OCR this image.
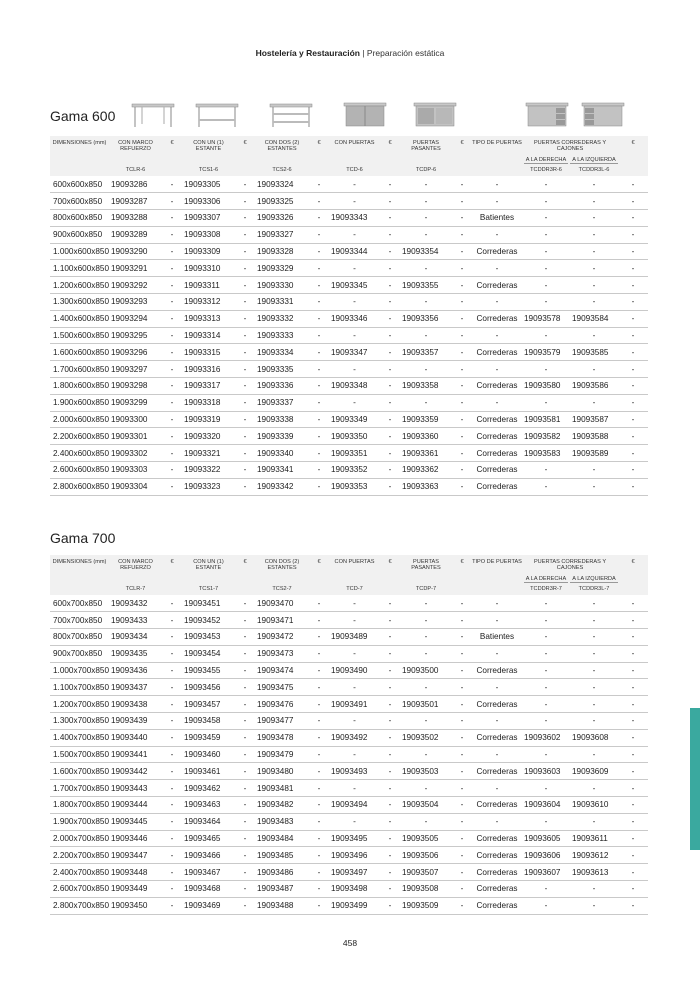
Hostelería y Restauración | Preparación estática
Gama 600
DIMENSIONES (mm)	CON MARCO REFUERZO	€	CON UN (1) ESTANTE	€	CON DOS (2) ESTANTES	€	CON PUERTAS	€	PUERTAS PASANTES	€	TIPO DE PUERTAS	PUERTAS CORREDERAS Y CAJONES		€
												A LA DERECHA	A LA IZQUIERDA	
	TCLR-6		TCS1-6		TCS2-6		TCD-6		TCDP-6			TCDDR3R-6	TCDDR3L-6	
600x600x850	19093286	-	19093305	-	19093324	-	-	-	-	-	-	-	-	-
700x600x850	19093287	-	19093306	-	19093325	-	-	-	-	-	-	-	-	-
800x600x850	19093288	-	19093307	-	19093326	-	19093343	-	-	-	Batientes	-	-	-
900x600x850	19093289	-	19093308	-	19093327	-	-	-	-	-	-	-	-	-
1.000x600x850	19093290	-	19093309	-	19093328	-	19093344	-	19093354	-	Correderas	-	-	-
1.100x600x850	19093291	-	19093310	-	19093329	-	-	-	-	-	-	-	-	-
1.200x600x850	19093292	-	19093311	-	19093330	-	19093345	-	19093355	-	Correderas	-	-	-
1.300x600x850	19093293	-	19093312	-	19093331	-	-	-	-	-	-	-	-	-
1.400x600x850	19093294	-	19093313	-	19093332	-	19093346	-	19093356	-	Correderas	19093578	19093584	-
1.500x600x850	19093295	-	19093314	-	19093333	-	-	-	-	-	-	-	-	-
1.600x600x850	19093296	-	19093315	-	19093334	-	19093347	-	19093357	-	Correderas	19093579	19093585	-
1.700x600x850	19093297	-	19093316	-	19093335	-	-	-	-	-	-	-	-	-
1.800x600x850	19093298	-	19093317	-	19093336	-	19093348	-	19093358	-	Correderas	19093580	19093586	-
1.900x600x850	19093299	-	19093318	-	19093337	-	-	-	-	-	-	-	-	-
2.000x600x850	19093300	-	19093319	-	19093338	-	19093349	-	19093359	-	Correderas	19093581	19093587	-
2.200x600x850	19093301	-	19093320	-	19093339	-	19093350	-	19093360	-	Correderas	19093582	19093588	-
2.400x600x850	19093302	-	19093321	-	19093340	-	19093351	-	19093361	-	Correderas	19093583	19093589	-
2.600x600x850	19093303	-	19093322	-	19093341	-	19093352	-	19093362	-	Correderas	-	-	-
2.800x600x850	19093304	-	19093323	-	19093342	-	19093353	-	19093363	-	Correderas	-	-	-
Gama 700
DIMENSIONES (mm)	CON MARCO REFUERZO	€	CON UN (1) ESTANTE	€	CON DOS (2) ESTANTES	€	CON PUERTAS	€	PUERTAS PASANTES	€	TIPO DE PUERTAS	PUERTAS CORREDERAS Y CAJONES		€
												A LA DERECHA	A LA IZQUIERDA	
	TCLR-7		TCS1-7		TCS2-7		TCD-7		TCDP-7			TCDDR3R-7	TCDDR3L-7	
600x700x850	19093432	-	19093451	-	19093470	-	-	-	-	-	-	-	-	-
700x700x850	19093433	-	19093452	-	19093471	-	-	-	-	-	-	-	-	-
800x700x850	19093434	-	19093453	-	19093472	-	19093489	-	-	-	Batientes	-	-	-
900x700x850	19093435	-	19093454	-	19093473	-	-	-	-	-	-	-	-	-
1.000x700x850	19093436	-	19093455	-	19093474	-	19093490	-	19093500	-	Correderas	-	-	-
1.100x700x850	19093437	-	19093456	-	19093475	-	-	-	-	-	-	-	-	-
1.200x700x850	19093438	-	19093457	-	19093476	-	19093491	-	19093501	-	Correderas	-	-	-
1.300x700x850	19093439	-	19093458	-	19093477	-	-	-	-	-	-	-	-	-
1.400x700x850	19093440	-	19093459	-	19093478	-	19093492	-	19093502	-	Correderas	19093602	19093608	-
1.500x700x850	19093441	-	19093460	-	19093479	-	-	-	-	-	-	-	-	-
1.600x700x850	19093442	-	19093461	-	19093480	-	19093493	-	19093503	-	Correderas	19093603	19093609	-
1.700x700x850	19093443	-	19093462	-	19093481	-	-	-	-	-	-	-	-	-
1.800x700x850	19093444	-	19093463	-	19093482	-	19093494	-	19093504	-	Correderas	19093604	19093610	-
1.900x700x850	19093445	-	19093464	-	19093483	-	-	-	-	-	-	-	-	-
2.000x700x850	19093446	-	19093465	-	19093484	-	19093495	-	19093505	-	Correderas	19093605	19093611	-
2.200x700x850	19093447	-	19093466	-	19093485	-	19093496	-	19093506	-	Correderas	19093606	19093612	-
2.400x700x850	19093448	-	19093467	-	19093486	-	19093497	-	19093507	-	Correderas	19093607	19093613	-
2.600x700x850	19093449	-	19093468	-	19093487	-	19093498	-	19093508	-	Correderas	-	-	-
2.800x700x850	19093450	-	19093469	-	19093488	-	19093499	-	19093509	-	Correderas	-	-	-
458
